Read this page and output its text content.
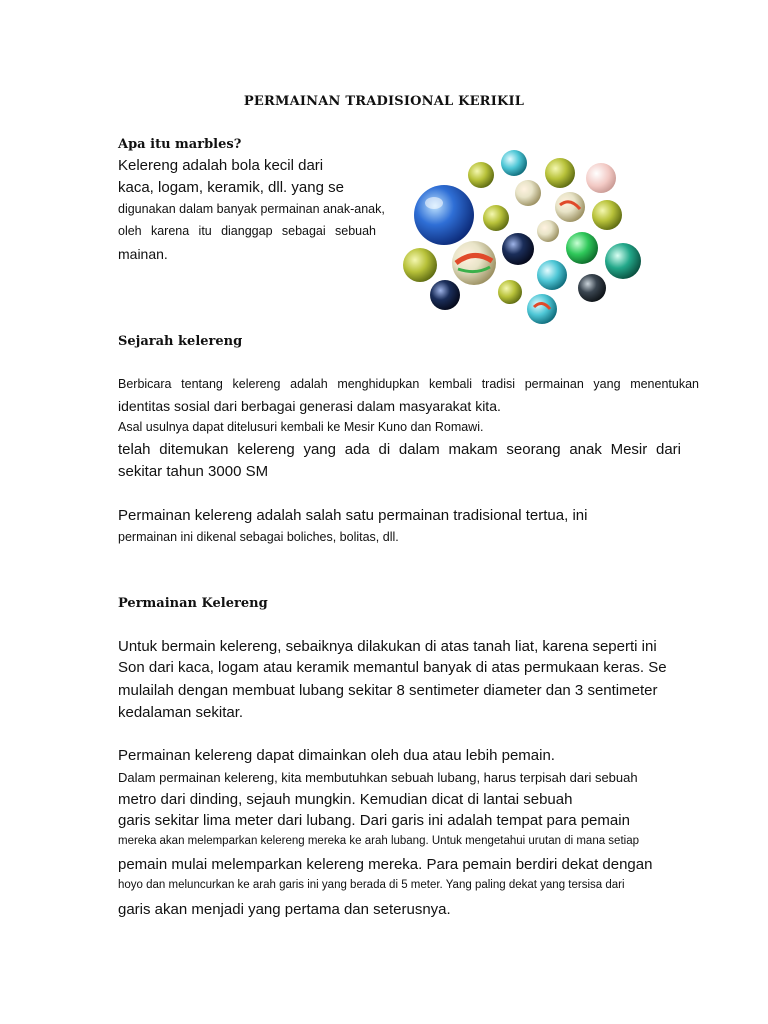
PERMAINAN TRADISIONAL KERIKIL
Apa itu marbles?
Kelereng adalah bola kecil dari
kaca, logam, keramik, dll. yang se
digunakan dalam banyak permainan anak-anak,
oleh karena itu dianggap sebagai sebuah
mainan.
Sejarah kelereng
Berbicara tentang kelereng adalah menghidupkan kembali tradisi permainan yang menentukan
identitas sosial dari berbagai generasi dalam masyarakat kita.
Asal usulnya dapat ditelusuri kembali ke Mesir Kuno dan Romawi.
telah ditemukan kelereng yang ada di dalam makam seorang anak Mesir dari
sekitar tahun 3000 SM
Permainan kelereng adalah salah satu permainan tradisional tertua, ini
permainan ini dikenal sebagai boliches, bolitas, dll.
Permainan Kelereng
Untuk bermain kelereng, sebaiknya dilakukan di atas tanah liat, karena seperti ini
Son dari kaca, logam atau keramik memantul banyak di atas permukaan keras. Se
mulailah dengan membuat lubang sekitar 8 sentimeter diameter dan 3 sentimeter
kedalaman sekitar.
Permainan kelereng dapat dimainkan oleh dua atau lebih pemain.
Dalam permainan kelereng, kita membutuhkan sebuah lubang, harus terpisah dari sebuah
metro dari dinding, sejauh mungkin. Kemudian dicat di lantai sebuah
garis sekitar lima meter dari lubang. Dari garis ini adalah tempat para pemain
mereka akan melemparkan kelereng mereka ke arah lubang. Untuk mengetahui urutan di mana setiap
pemain mulai melemparkan kelereng mereka. Para pemain berdiri dekat dengan
hoyo dan meluncurkan ke arah garis ini yang berada di 5 meter. Yang paling dekat yang tersisa dari
garis akan menjadi yang pertama dan seterusnya.
